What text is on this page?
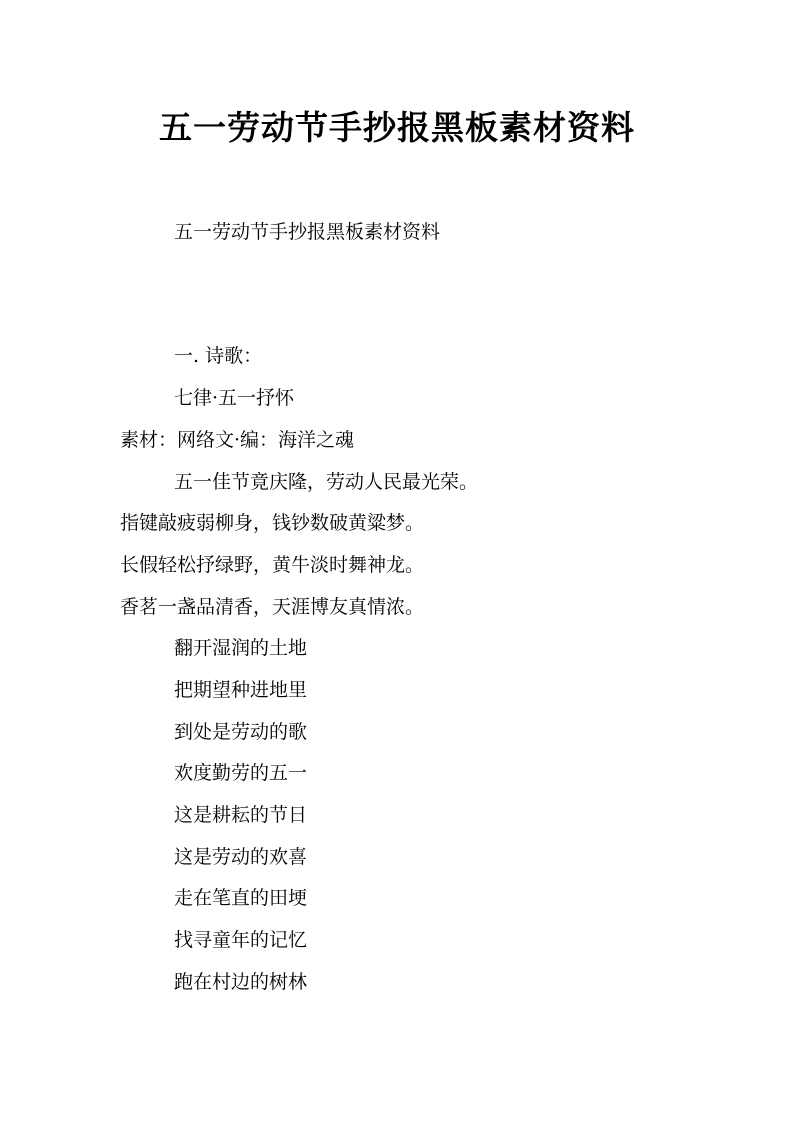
五一劳动节手抄报黑板素材资料
五一劳动节手抄报黑板素材资料
一. 诗歌：
七律·五一抒怀
素材：网络文·编：海洋之魂
五一佳节竟庆隆，劳动人民最光荣。
指键敲疲弱柳身，钱钞数破黄粱梦。
长假轻松抒绿野，黄牛淡时舞神龙。
香茗一盏品清香，天涯博友真情浓。
翻开湿润的土地
把期望种进地里
到处是劳动的歌
欢度勤劳的五一
这是耕耘的节日
这是劳动的欢喜
走在笔直的田埂
找寻童年的记忆
跑在村边的树林
